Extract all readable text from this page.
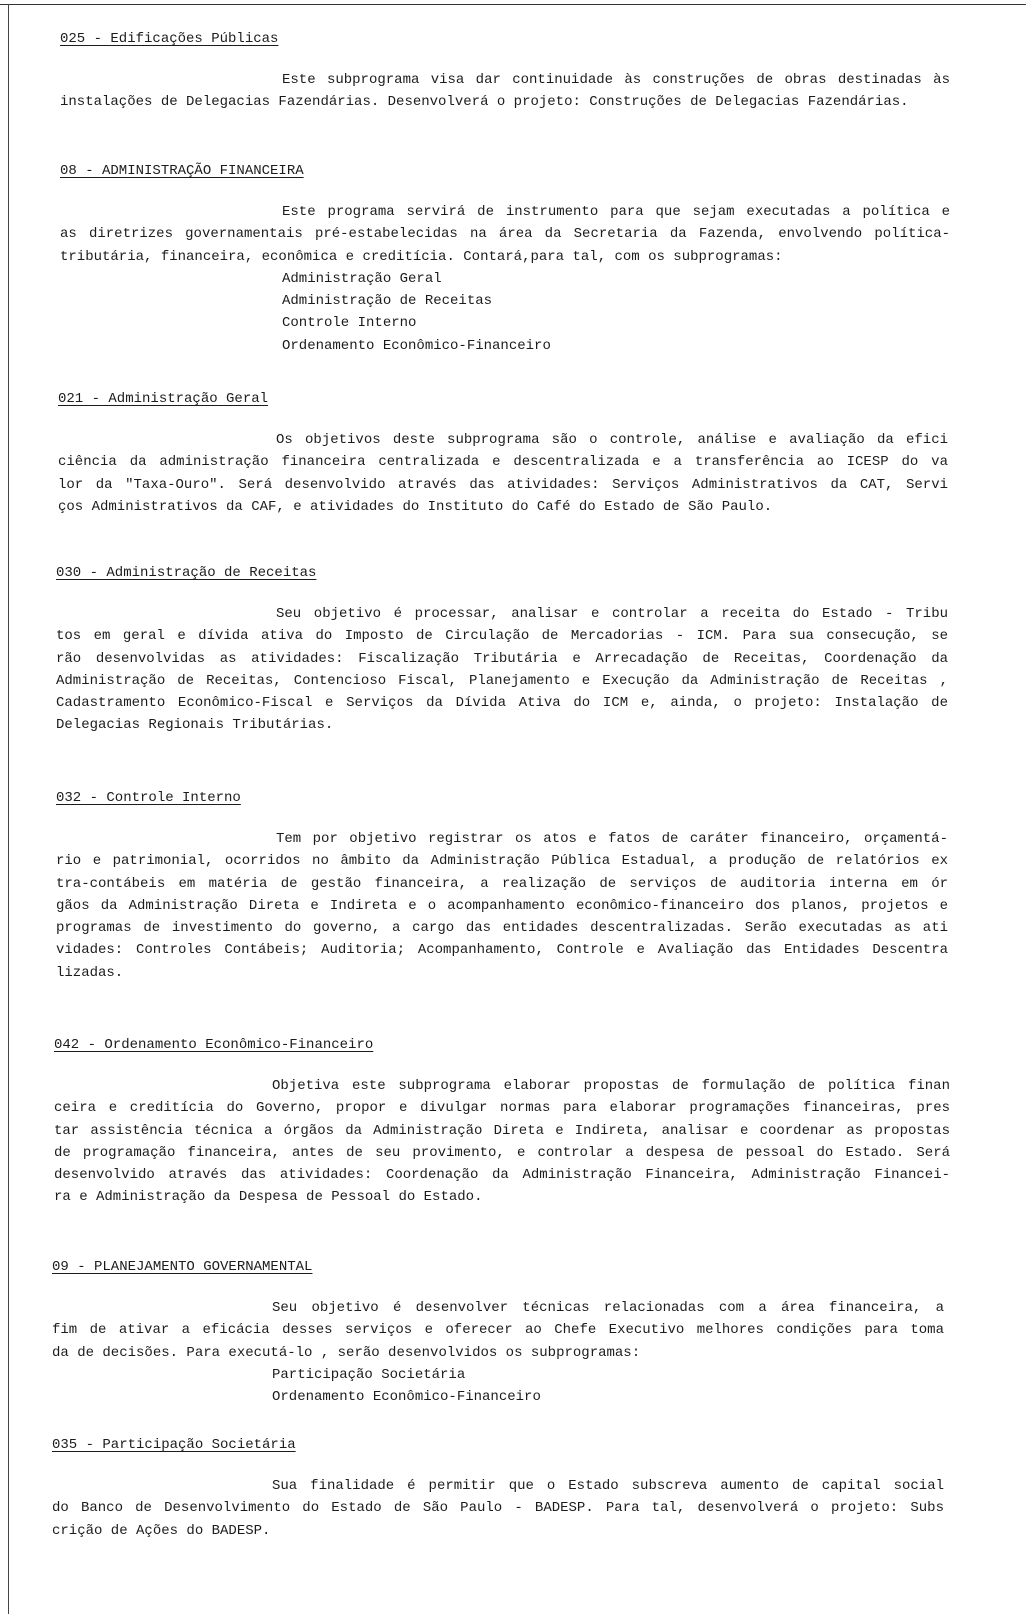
025 - Edificações Públicas
Este subprograma visa dar continuidade às construções de obras destinadas às
instalações de Delegacias Fazendárias. Desenvolverá o projeto: Construções de Delegacias Fazendárias.
08 - ADMINISTRAÇÃO FINANCEIRA
Este programa servirá de instrumento para que sejam executadas a política e
as diretrizes governamentais pré-estabelecidas na área da Secretaria da Fazenda, envolvendo política-
tributária, financeira, econômica e creditícia. Contará,para tal, com os subprogramas:
Administração Geral
Administração de Receitas
Controle Interno
Ordenamento Econômico-Financeiro
021 - Administração Geral
Os objetivos deste subprograma são o controle, análise e avaliação da efici
ciência da administração financeira centralizada e descentralizada e a transferência ao ICESP do va
lor da "Taxa-Ouro". Será desenvolvido através das atividades: Serviços Administrativos da CAT, Servi
ços Administrativos da CAF, e atividades do Instituto do Café do Estado de São Paulo.
030 - Administração de Receitas
Seu objetivo é processar, analisar e controlar a receita do Estado - Tribu
tos em geral e dívida ativa do Imposto de Circulação de Mercadorias - ICM. Para sua consecução, se
rão desenvolvidas as atividades: Fiscalização Tributária e Arrecadação de Receitas, Coordenação da
Administração de Receitas, Contencioso Fiscal, Planejamento e Execução da Administração de Receitas ,
Cadastramento Econômico-Fiscal e Serviços da Dívida Ativa do ICM e, ainda, o projeto: Instalação de
Delegacias Regionais Tributárias.
032 - Controle Interno
Tem por objetivo registrar os atos e fatos de caráter financeiro, orçamentá-
rio e patrimonial, ocorridos no âmbito da Administração Pública Estadual, a produção de relatórios ex
tra-contábeis em matéria de gestão financeira, a realização de serviços de auditoria interna em ór
gãos da Administração Direta e Indireta e o acompanhamento econômico-financeiro dos planos, projetos e
programas de investimento do governo, a cargo das entidades descentralizadas. Serão executadas as ati
vidades: Controles Contábeis; Auditoria; Acompanhamento, Controle e Avaliação das Entidades Descentra
lizadas.
042 - Ordenamento Econômico-Financeiro
Objetiva este subprograma elaborar propostas de formulação de política finan
ceira e creditícia do Governo, propor e divulgar normas para elaborar programações financeiras, pres
tar assistência técnica a órgãos da Administração Direta e Indireta, analisar e coordenar as propostas
de programação financeira, antes de seu provimento, e controlar a despesa de pessoal do Estado. Será
desenvolvido através das atividades: Coordenação da Administração Financeira, Administração Financei-
ra e Administração da Despesa de Pessoal do Estado.
09 - PLANEJAMENTO GOVERNAMENTAL
Seu objetivo é desenvolver técnicas relacionadas com a área financeira, a
fim de ativar a eficácia desses serviços e oferecer ao Chefe Executivo melhores condições para toma
da de decisões. Para executá-lo , serão desenvolvidos os subprogramas:
Participação Societária
Ordenamento Econômico-Financeiro
035 - Participação Societária
Sua finalidade é permitir que o Estado subscreva aumento de capital social
do Banco de Desenvolvimento do Estado de São Paulo - BADESP. Para tal, desenvolverá o projeto: Subs
crição de Ações do BADESP.
